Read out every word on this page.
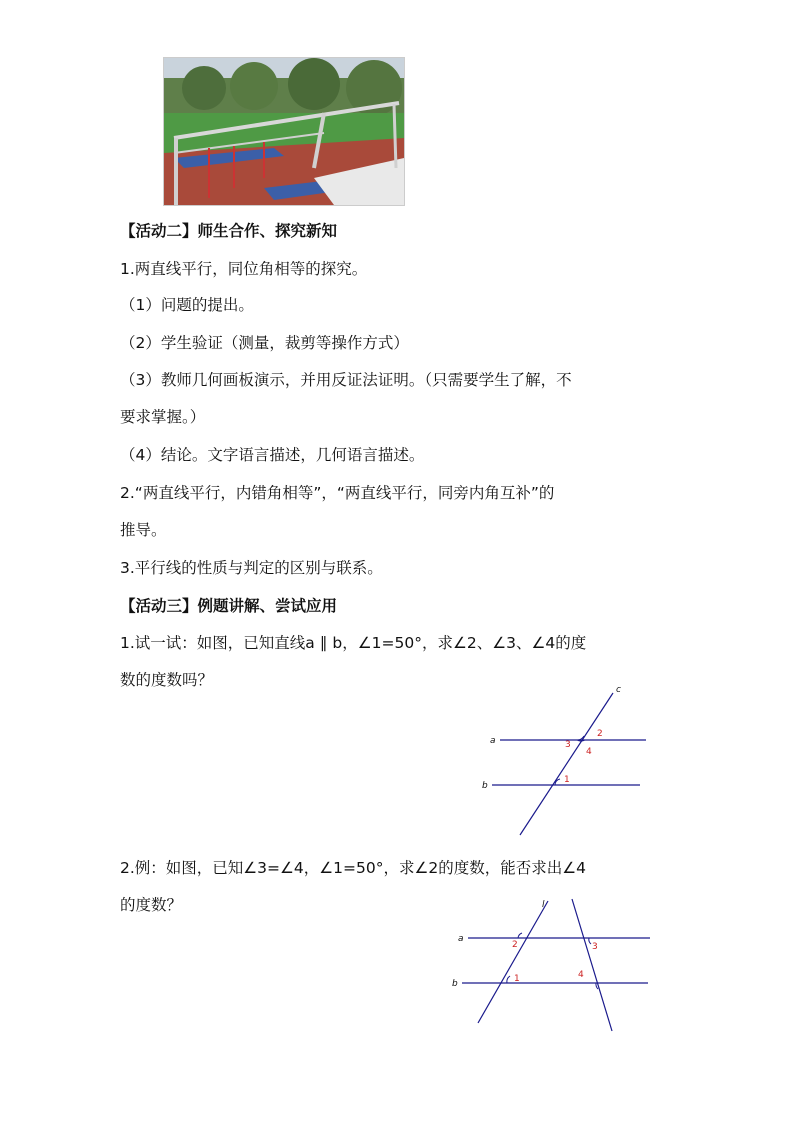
【活动二】师生合作、探究新知
1.两直线平行，同位角相等的探究。
（1）问题的提出。
（2）学生验证（测量，裁剪等操作方式）
（3）教师几何画板演示，并用反证法证明。（只需要学生了解，不
要求掌握。）
（4）结论。文字语言描述，几何语言描述。
2.“两直线平行，内错角相等”，“两直线平行，同旁内角互补”的
推导。
3.平行线的性质与判定的区别与联系。
【活动三】例题讲解、尝试应用
1.试一试：如图，已知直线a ∥ b，∠1=50°，求∠2、∠3、∠4的度
数的度数吗？
a
b
c
2
3
4
1
2.例：如图，已知∠3=∠4，∠1=50°，求∠2的度数，能否求出∠4
的度数？
a
b
l
2	3
1	4
